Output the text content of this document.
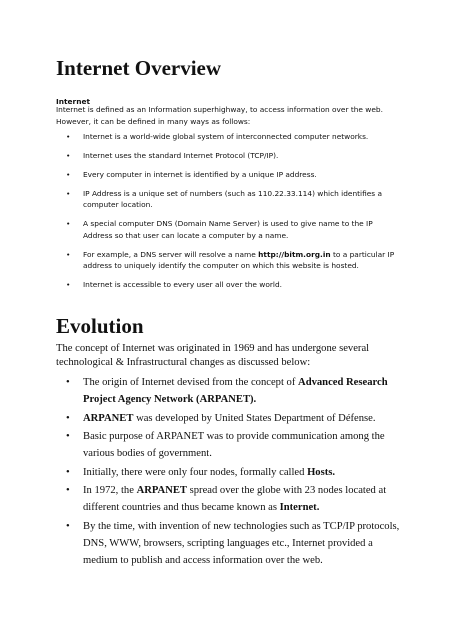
Internet Overview

Internet

Internet is defined as an Information superhighway, to access information over the web. However, it can be defined in many ways as follows:

• Internet is a world-wide global system of interconnected computer networks.
• Internet uses the standard Internet Protocol (TCP/IP).
• Every computer in internet is identified by a unique IP address.
• IP Address is a unique set of numbers (such as 110.22.33.114) which identifies a computer location.
• A special computer DNS (Domain Name Server) is used to give name to the IP Address so that user can locate a computer by a name.
• For example, a DNS server will resolve a name http://bitm.org.in to a particular IP address to uniquely identify the computer on which this website is hosted.
• Internet is accessible to every user all over the world.
Evolution

The concept of Internet was originated in 1969 and has undergone several technological & Infrastructural changes as discussed below:

• The origin of Internet devised from the concept of Advanced Research Project Agency Network (ARPANET).
• ARPANET was developed by United States Department of Défense.
• Basic purpose of ARPANET was to provide communication among the various bodies of government.
• Initially, there were only four nodes, formally called Hosts.
• In 1972, the ARPANET spread over the globe with 23 nodes located at different countries and thus became known as Internet.
• By the time, with invention of new technologies such as TCP/IP protocols, DNS, WWW, browsers, scripting languages etc., Internet provided a medium to publish and access information over the web.
